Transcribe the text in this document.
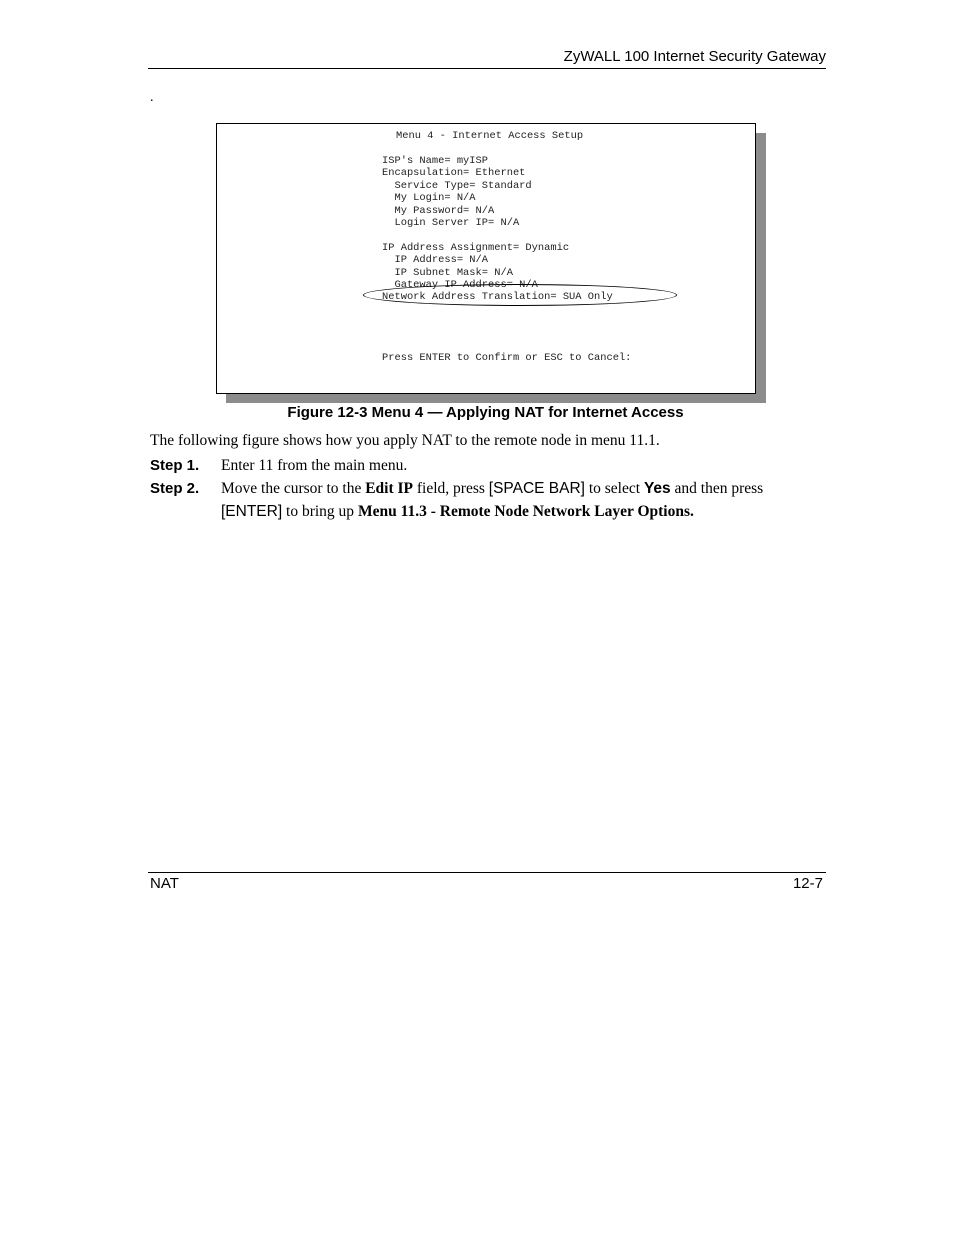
ZyWALL 100 Internet Security Gateway
.
Menu 4 - Internet Access Setup
ISP's Name= myISP
Encapsulation= Ethernet
Service Type= Standard
My Login= N/A
My Password= N/A
Login Server IP= N/A

IP Address Assignment= Dynamic
IP Address= N/A
IP Subnet Mask= N/A
Gateway IP Address= N/A
Network Address Translation= SUA Only
Press ENTER to Confirm or ESC to Cancel:
Figure 12-3 Menu 4 — Applying NAT for Internet Access
The following figure shows how you apply NAT to the remote node in menu 11.1.
Step 1. Enter 11 from the main menu.
Step 2. Move the cursor to the Edit IP field, press [SPACE BAR] to select Yes and then press
[ENTER] to bring up Menu 11.3 - Remote Node Network Layer Options.
NAT	12-7
